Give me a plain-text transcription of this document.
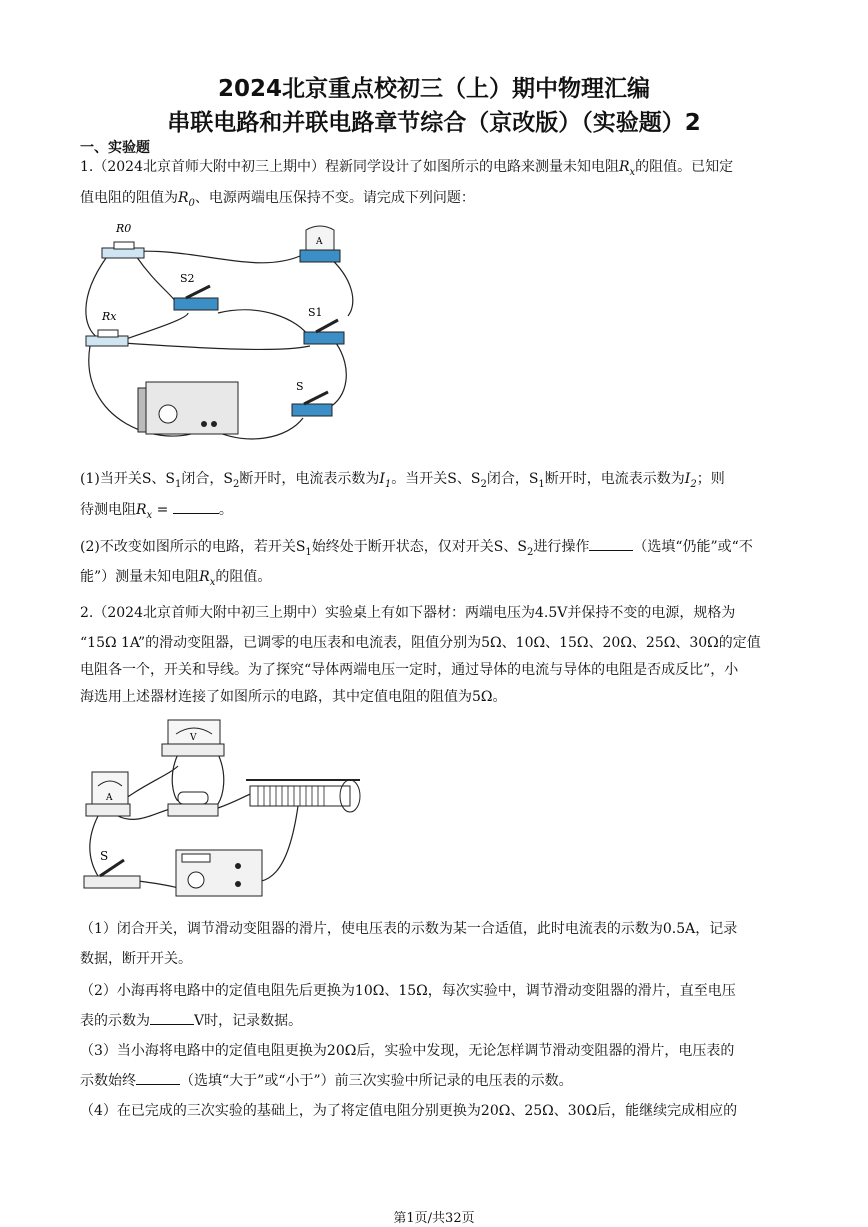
2024北京重点校初三（上）期中物理汇编
串联电路和并联电路章节综合（京改版）（实验题）2
一、实验题
1.（2024北京首师大附中初三上期中）程新同学设计了如图所示的电路来测量未知电阻$R_x$的阻值。已知定
值电阻的阻值为$R_0$、电源两端电压保持不变。请完成下列问题：
R0
A
S2
Rx	S1
S
(1)当开关S、$S_1$闭合，$S_2$断开时，电流表示数为$I_1$。当开关S、$S_2$闭合，$S_1$断开时，电流表示数为$I_2$；则
待测电阻$R_x$ =	。
(2)不改变如图所示的电路，若开关$S_1$始终处于断开状态，仅对开关S、$S_2$进行操作	（选填“仍能”或“不
能”）测量未知电阻$R_x$的阻值。
2.（2024北京首师大附中初三上期中）实验桌上有如下器材：两端电压为4.5V并保持不变的电源，规格为
“15Ω 1A”的滑动变阻器，已调零的电压表和电流表，阻值分别为5Ω、10Ω、15Ω、20Ω、25Ω、30Ω的定值
电阻各一个，开关和导线。为了探究“导体两端电压一定时，通过导体的电流与导体的电阻是否成反比”，小
海选用上述器材连接了如图所示的电路，其中定值电阻的阻值为5Ω。
A
V
S
（1）闭合开关，调节滑动变阻器的滑片，使电压表的示数为某一合适值，此时电流表的示数为0.5A，记录
数据，断开开关。
（2）小海再将电路中的定值电阻先后更换为10Ω、15Ω，每次实验中，调节滑动变阻器的滑片，直至电压
表的示数为	V时，记录数据。
（3）当小海将电路中的定值电阻更换为20Ω后，实验中发现，无论怎样调节滑动变阻器的滑片，电压表的
示数始终	（选填“大于”或“小于”）前三次实验中所记录的电压表的示数。
（4）在已完成的三次实验的基础上，为了将定值电阻分别更换为20Ω、25Ω、30Ω后，能继续完成相应的
第1页/共32页
